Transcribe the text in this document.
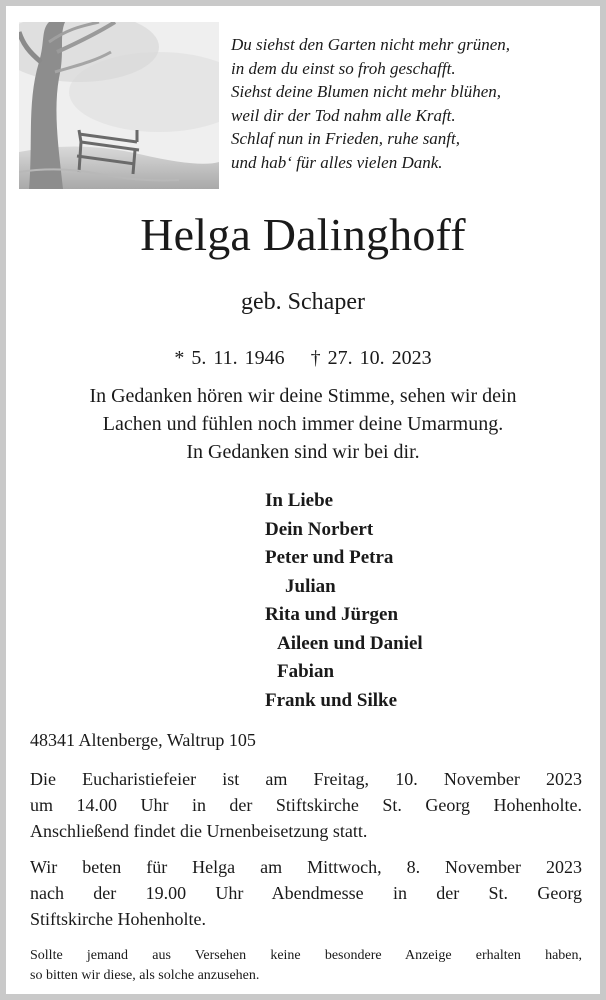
Du siehst den Garten nicht mehr grünen,
in dem du einst so froh geschafft.
Siehst deine Blumen nicht mehr blühen,
weil dir der Tod nahm alle Kraft.
Schlaf nun in Frieden, ruhe sanft,
und hab‘ für alles vielen Dank.
Helga Dalinghoff
geb. Schaper
* 5. 11. 1946 † 27. 10. 2023
In Gedanken hören wir deine Stimme, sehen wir dein
Lachen und fühlen noch immer deine Umarmung.
In Gedanken sind wir bei dir.
In Liebe
Dein Norbert
Peter und Petra
Julian
Rita und Jürgen
Aileen und Daniel
Fabian
Frank und Silke
48341 Altenberge, Waltrup 105
Die Eucharistiefeier ist am Freitag, 10. November 2023
um 14.00 Uhr in der Stiftskirche St. Georg Hohenholte.
Anschließend findet die Urnenbeisetzung statt.
Wir beten für Helga am Mittwoch, 8. November 2023
nach der 19.00 Uhr Abendmesse in der St. Georg
Stiftskirche Hohenholte.
Sollte jemand aus Versehen keine besondere Anzeige erhalten haben,
so bitten wir diese, als solche anzusehen.
